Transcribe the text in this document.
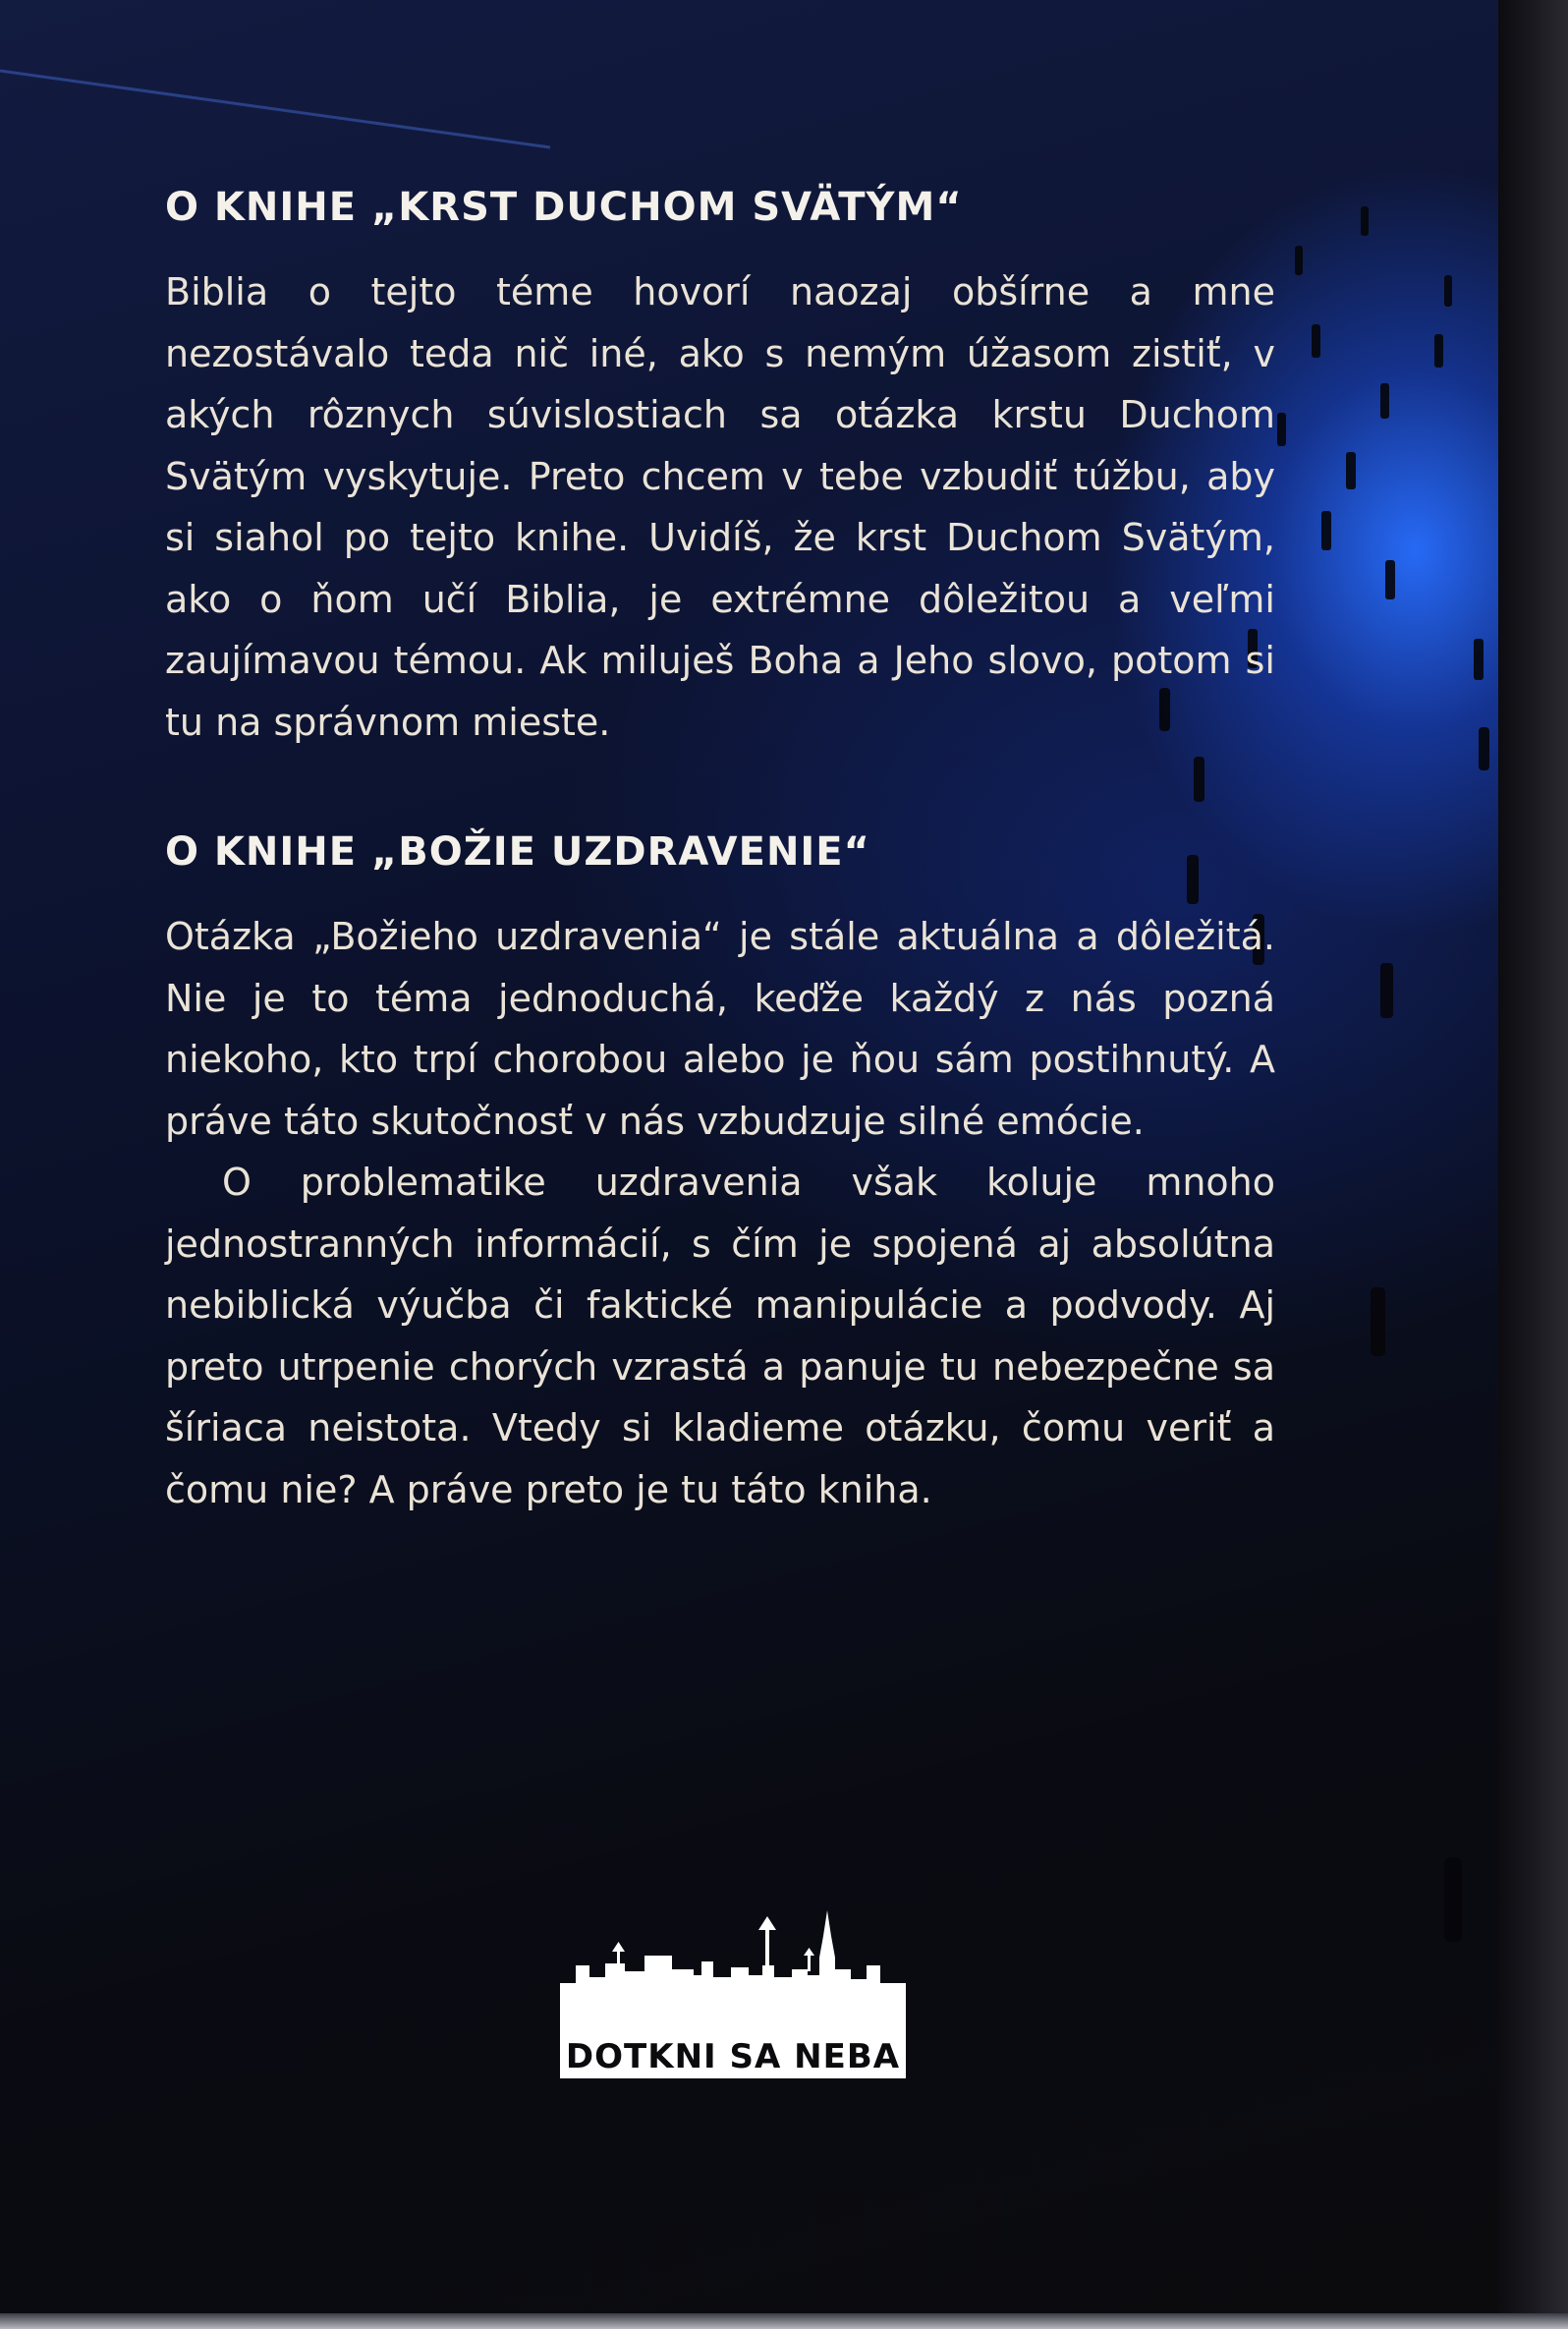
O KNIHE „KRST DUCHOM SVÄTÝM“

Biblia o tejto téme hovorí naozaj obšírne a mne nezostávalo teda nič iné, ako s nemým úžasom zistiť, v akých rôznych súvislostiach sa otázka krstu Duchom Svätým vyskytuje. Preto chcem v tebe vzbudiť túžbu, aby si siahol po tejto knihe. Uvidíš, že krst Duchom Svätým, ako o ňom učí Biblia, je extrémne dôležitou a veľmi zaujímavou témou. Ak miluješ Boha a Jeho slovo, potom si tu na správnom mieste.

O KNIHE „BOŽIE UZDRAVENIE“

Otázka „Božieho uzdravenia“ je stále aktuálna a dôležitá. Nie je to téma jednoduchá, keďže každý z nás pozná niekoho, kto trpí chorobou alebo je ňou sám postihnutý. A práve táto skutočnosť v nás vzbudzuje silné emócie.

O problematike uzdravenia však koluje mnoho jednostranných informácií, s čím je spojená aj absolútna nebiblická výučba či faktické manipulácie a podvody. Aj preto utrpenie chorých vzrastá a panuje tu nebezpečne sa šíriaca neistota. Vtedy si kladieme otázku, čomu veriť a čomu nie? A práve preto je tu táto kniha.

DOTKNI SA NEBA
